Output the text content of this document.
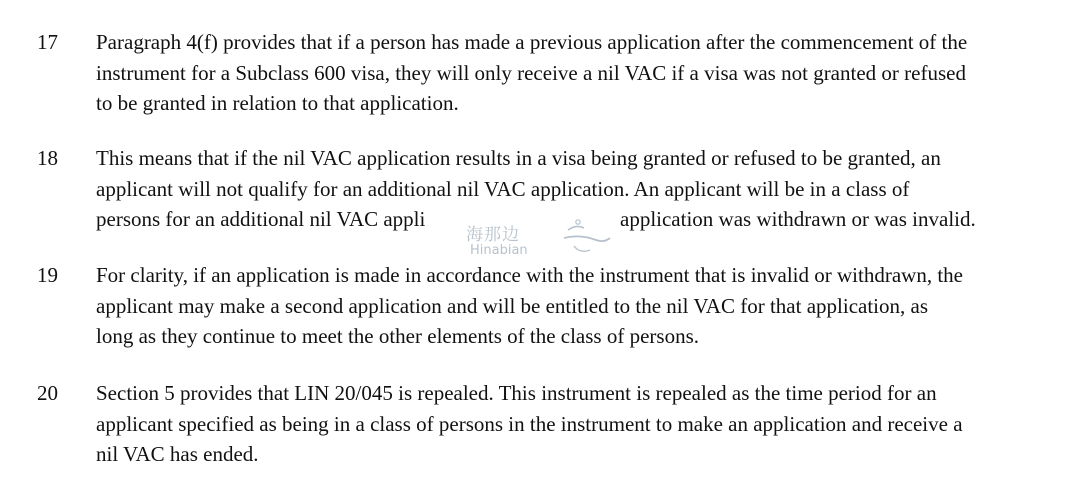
17 Paragraph 4(f) provides that if a person has made a previous application after the commencement of the
instrument for a Subclass 600 visa, they will only receive a nil VAC if a visa was not granted or refused
to be granted in relation to that application.
18 This means that if the nil VAC application results in a visa being granted or refused to be granted, an
applicant will not qualify for an additional nil VAC application. An applicant will be in a class of
persons for an additional nil VAC appli	application was withdrawn or was invalid.
19 For clarity, if an application is made in accordance with the instrument that is invalid or withdrawn, the
applicant may make a second application and will be entitled to the nil VAC for that application, as
long as they continue to meet the other elements of the class of persons.
20 Section 5 provides that LIN 20/045 is repealed. This instrument is repealed as the time period for an
applicant specified as being in a class of persons in the instrument to make an application and receive a
nil VAC has ended.
海那边
Hinabian
